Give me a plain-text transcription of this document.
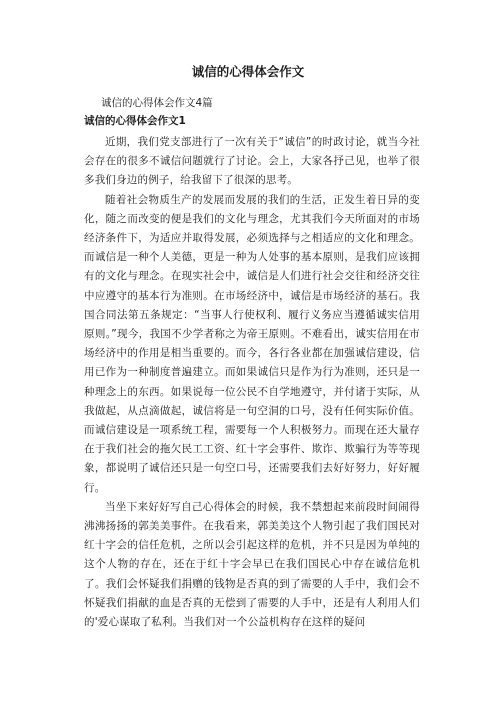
诚信的心得体会作文

诚信的心得体会作文4篇

诚信的心得体会作文1

近期，我们党支部进行了一次有关于“诚信”的时政讨论，就当今社会存在的很多不诚信问题就行了讨论。会上，大家各抒己见，也举了很多我们身边的例子，给我留下了很深的思考。

随着社会物质生产的发展而发展的我们的生活，正发生着日异的变化，随之而改变的便是我们的文化与理念，尤其我们今天所面对的市场经济条件下，为适应并取得发展，必须选择与之相适应的文化和理念。而诚信是一种个人美德，更是一种为人处事的基本原则，是我们应该拥有的文化与理念。在现实社会中，诚信是人们进行社会交往和经济交往中应遵守的基本行为准则。在市场经济中，诚信是市场经济的基石。我国合同法第五条规定：“当事人行使权利、履行义务应当遵循诚实信用原则。”现今，我国不少学者称之为帝王原则。不难看出，诚实信用在市场经济中的作用是相当重要的。而今，各行各业都在加强诚信建设，信用已作为一种制度普遍建立。而如果诚信只是作为行为准则，还只是一种理念上的东西。如果说每一位公民不自学地遵守，并付诸于实际，从我做起，从点滴做起，诚信将是一句空洞的口号，没有任何实际价值。而诚信建设是一项系统工程，需要每一个人积极努力。而现在还大量存在于我们社会的拖欠民工工资、红十字会事件、欺诈、欺骗行为等等现象，都说明了诚信还只是一句空口号，还需要我们去好好努力，好好履行。

当坐下来好好写自己心得体会的时候，我不禁想起来前段时间闹得沸沸扬扬的郭美美事件。在我看来，郭美美这个人物引起了我们国民对红十字会的信任危机，之所以会引起这样的危机，并不只是因为单纯的这个人物的存在，还在于红十字会早已在我们国民心中存在诚信危机了。我们会怀疑我们捐赠的钱物是否真的到了需要的人手中，我们会不怀疑我们捐献的血是否真的无偿到了需要的人手中，还是有人利用人们的'爱心谋取了私利。当我们对一个公益机构存在这样的疑问
